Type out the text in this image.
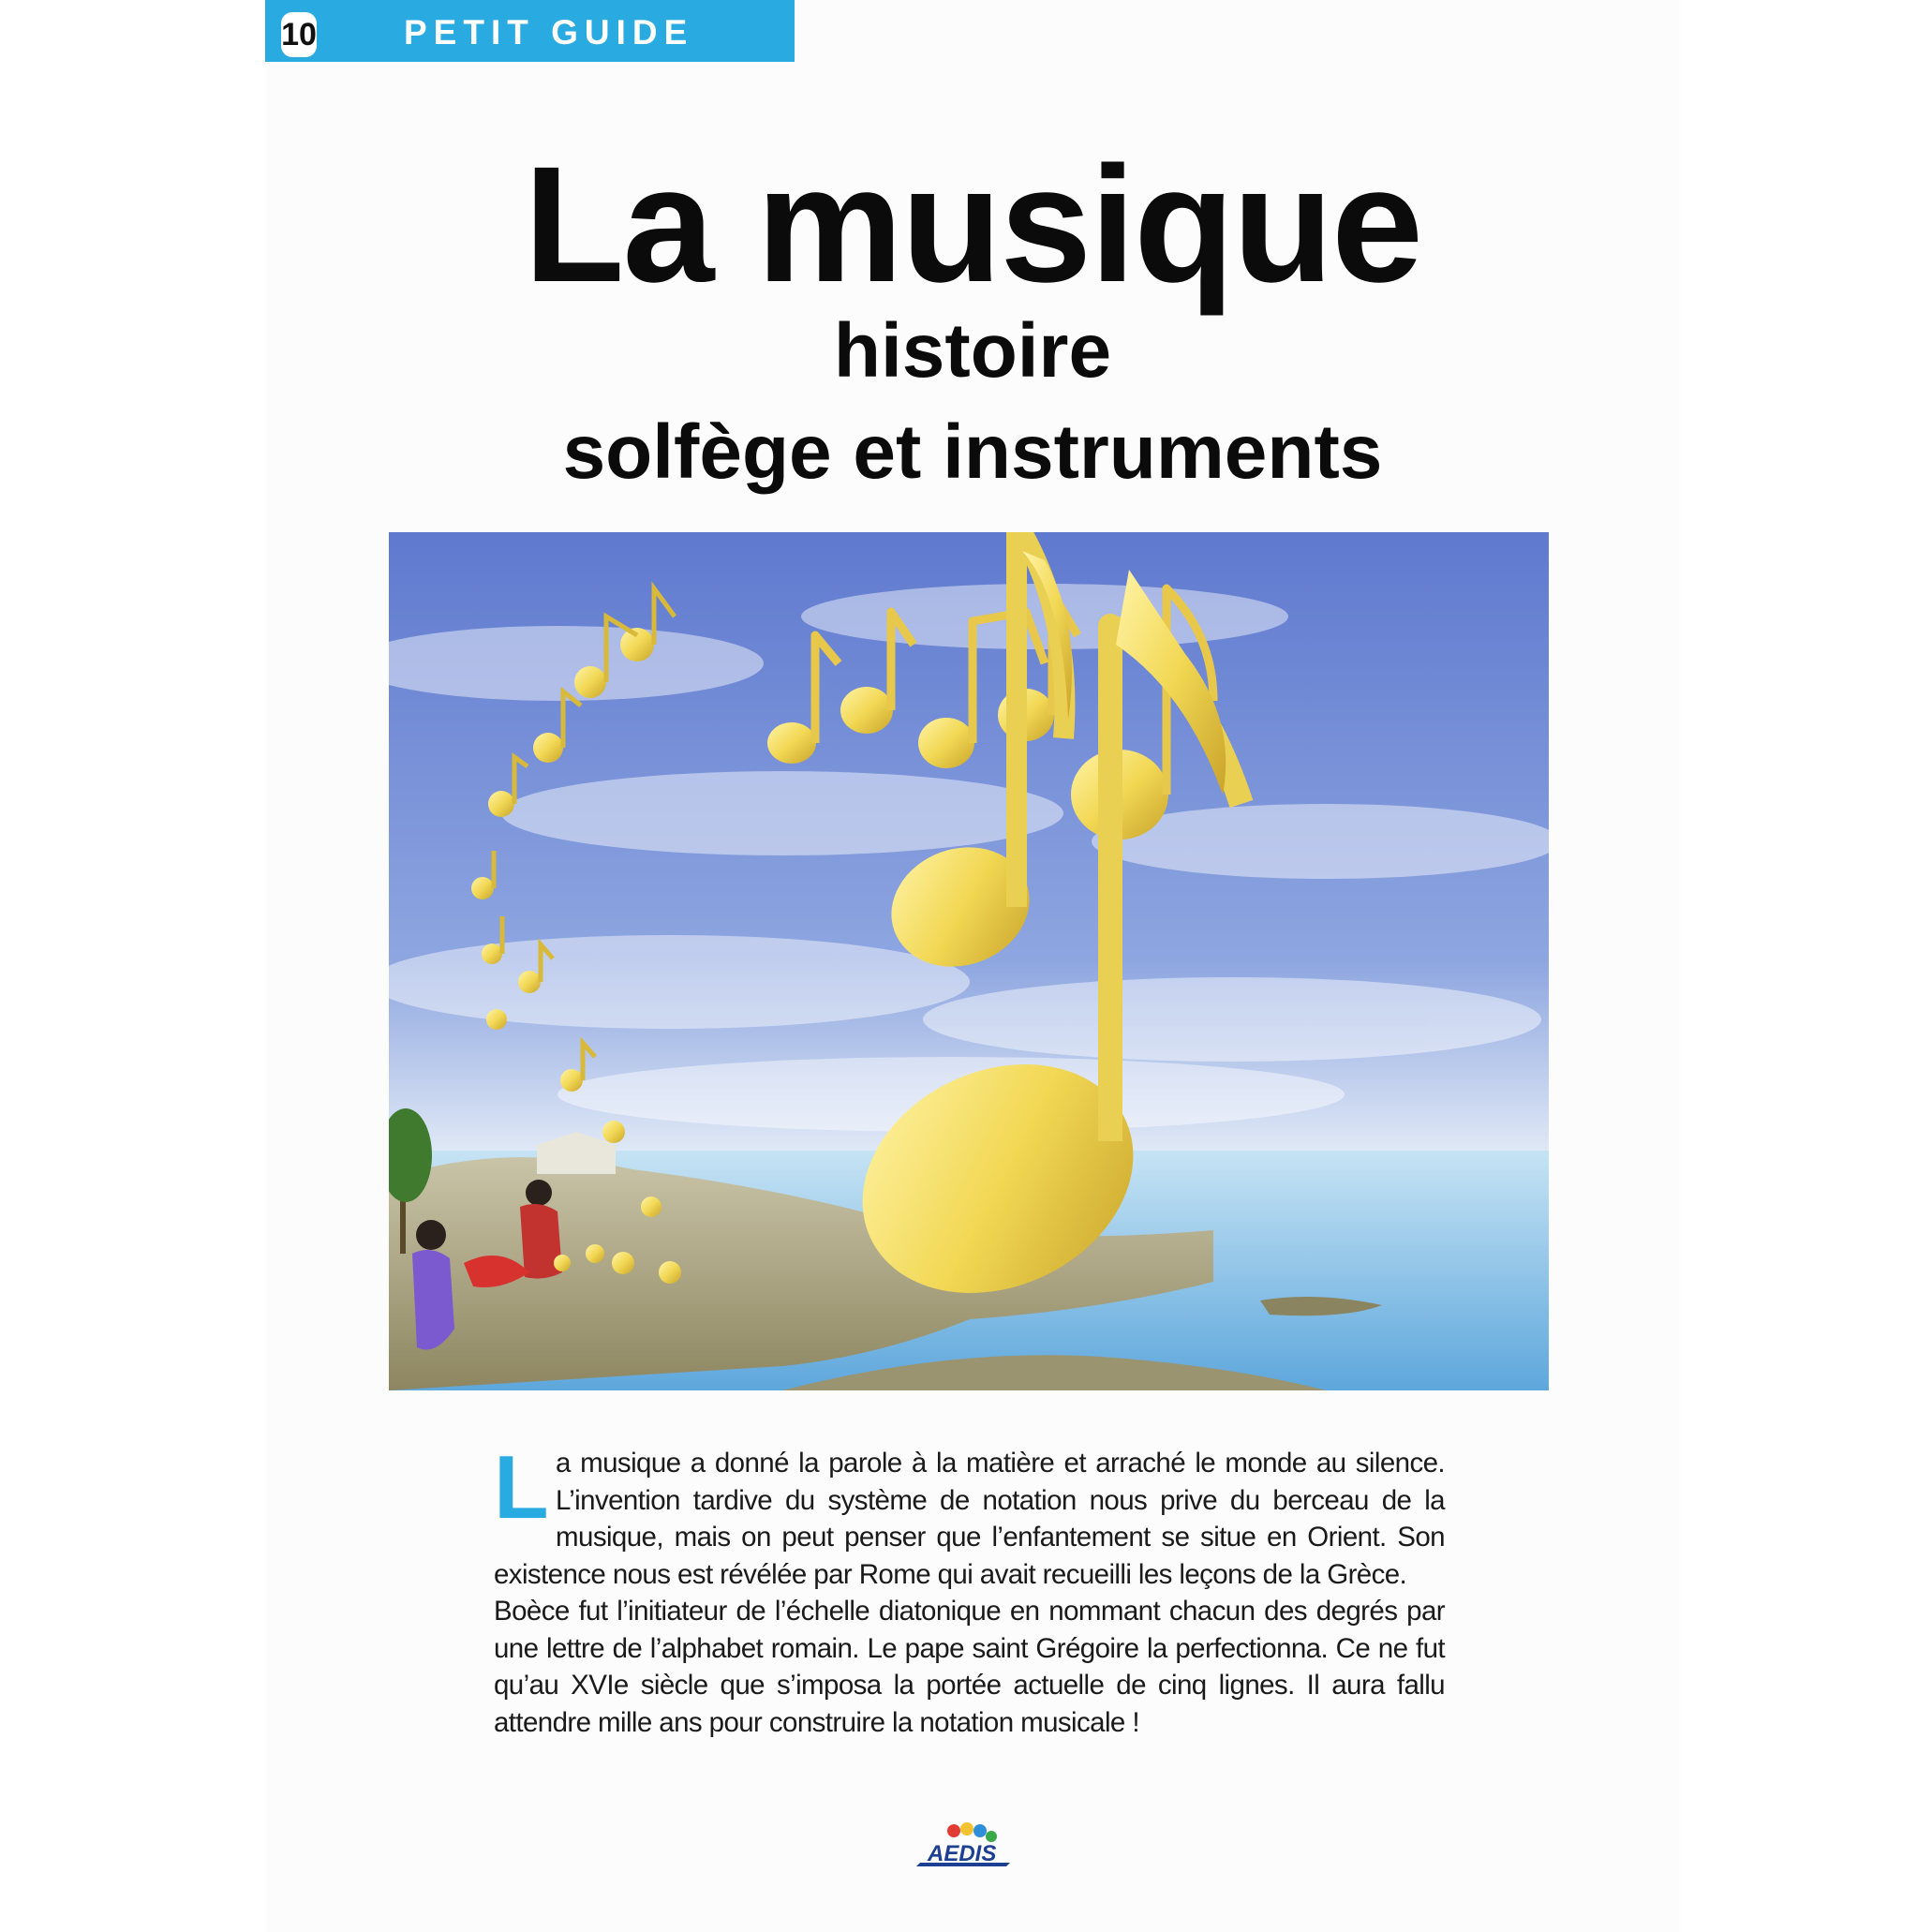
10	PETIT GUIDE
La musique
histoire
solfège et instruments

La musique a donné la parole à la matière et arraché le monde au silence. L’invention tardive du système de notation nous prive du berceau de la musique, mais on peut penser que l’enfantement se situe en Orient. Son existence nous est révélée par Rome qui avait recueilli les leçons de la Grèce.

Boèce fut l’initiateur de l’échelle diatonique en nommant chacun des degrés par une lettre de l’alphabet romain. Le pape saint Grégoire la perfectionna. Ce ne fut qu’au XVIe siècle que s’imposa la portée actuelle de cinq lignes. Il aura fallu attendre mille ans pour construire la notation musicale !

AEDIS
